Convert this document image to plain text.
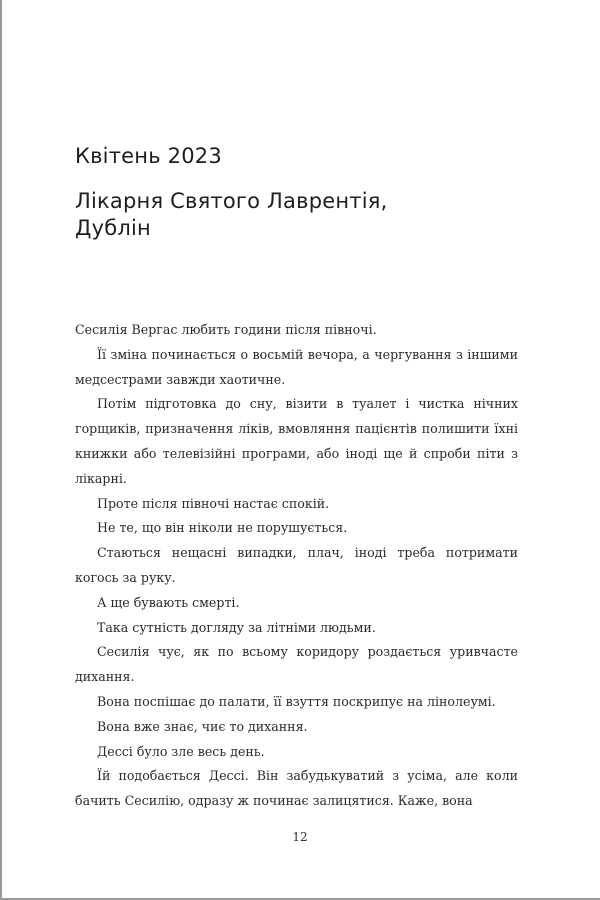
Квітень 2023
Лікарня Святого Лаврентія,
Дублін

Сесилія Вергас любить години після півночі.

Її зміна починається о восьмій вечора, а чергування з іншими медсестрами завжди хаотичне.

Потім підготовка до сну, візити в туалет і чистка нічних горщиків, призначення ліків, вмовляння пацієнтів полишити їхні книжки або телевізійні програми, або іноді ще й спроби піти з лікарні.

Проте після півночі настає спокій.

Не те, що він ніколи не порушується.

Стаються нещасні випадки, плач, іноді треба потримати когось за руку.

А ще бувають смерті.

Така сутність догляду за літніми людьми.

Сесилія чує, як по всьому коридору роздається уривчасте дихання.

Вона поспішає до палати, її взуття поскрипує на лінолеумі.

Вона вже знає, чиє то дихання.

Дессі було зле весь день.

Їй подобається Дессі. Він забудькуватий з усіма, але коли бачить Сесилію, одразу ж починає залицятися. Каже, вона

12
